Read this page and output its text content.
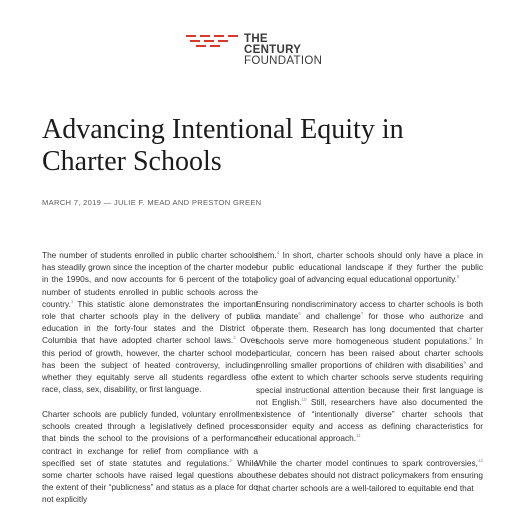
THE CENTURY
FOUNDATION
Advancing Intentional Equity in Charter Schools
MARCH 7, 2019 — JULIE F. MEAD AND PRESTON GREEN

The number of students enrolled in public charter schools has steadily grown since the inception of the charter model in the 1990s, and now accounts for 6 percent of the total number of students enrolled in public schools across the country.$^1$ This statistic alone demonstrates the important role that charter schools play in the delivery of public education in the forty-four states and the District of Columbia that have adopted charter school laws.$^2$ Over this period of growth, however, the charter school model has been the subject of heated controversy, including whether they equitably serve all students regardless of race, class, sex, disability, or first language.

Charter schools are publicly funded, voluntary enrollment schools created through a legislatively defined process that binds the school to the provisions of a performance contract in exchange for relief from compliance with a specified set of state statutes and regulations.$^3$ While some charter schools have raised legal questions about the extent of their “publicness” and status as a place for do not explicitly

them.$^4$ In short, charter schools should only have a place in our public educational landscape if they further the public policy goal of advancing equal educational opportunity.$^5$

Ensuring nondiscriminatory access to charter schools is both a mandate$^6$ and challenge$^7$ for those who authorize and operate them. Research has long documented that charter schools serve more homogeneous student populations.$^8$ In particular, concern has been raised about charter schools enrolling smaller proportions of children with disabilities$^9$ and the extent to which charter schools serve students requiring special instructional attention because their first language is not English.$^{10}$ Still, researchers have also documented the existence of “intentionally diverse” charter schools that consider equity and access as defining characteristics for their educational approach.$^{11}$

While the charter model continues to spark controversies,$^{12}$ these debates should not distract policymakers from ensuring that charter schools are a well-tailored to equitable end that
